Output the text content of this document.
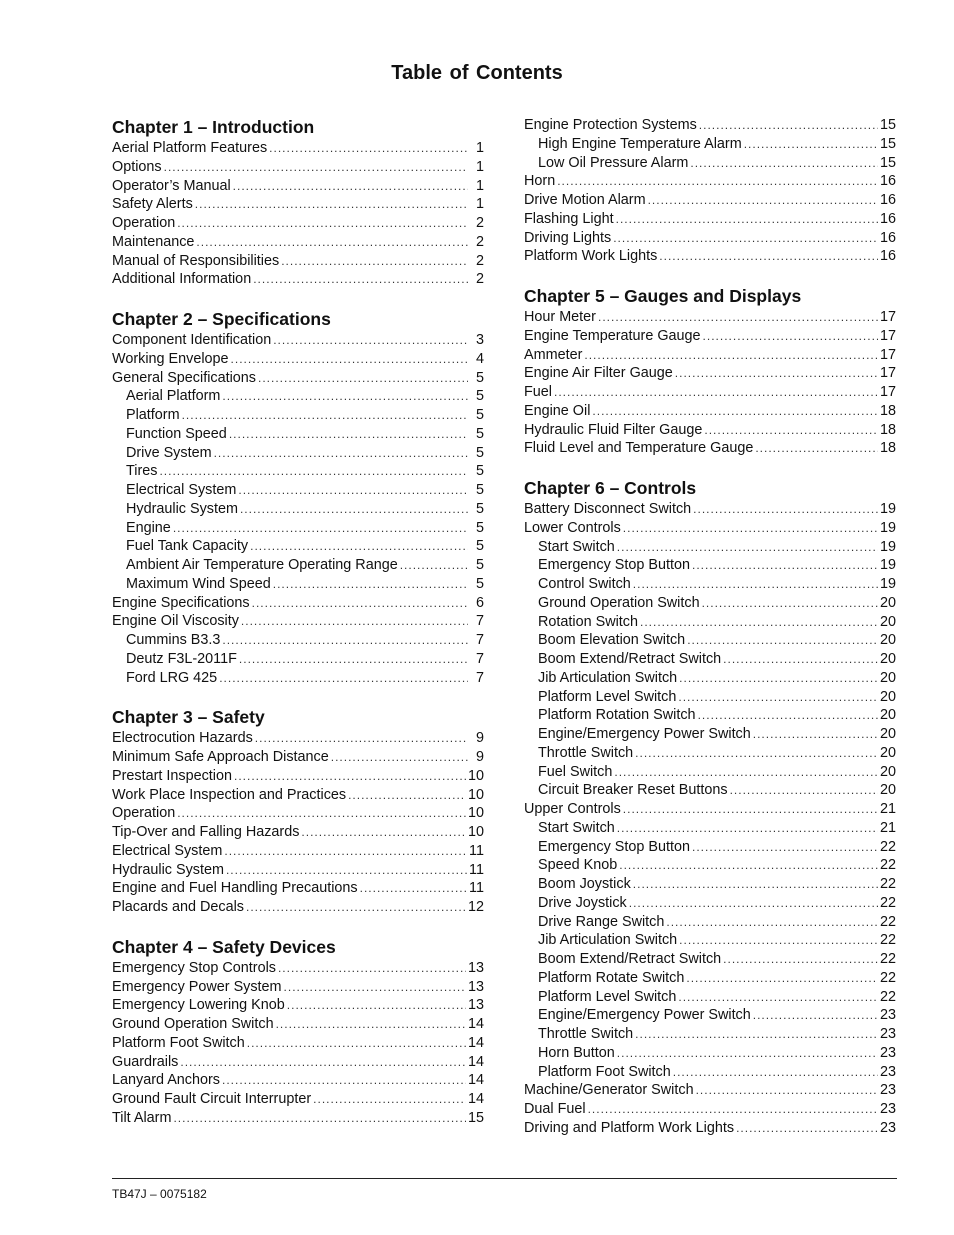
Table of Contents
Chapter 1 – Introduction
Aerial Platform Features .....	1
Options .....	1
Operator’s Manual .....	1
Safety Alerts .....	1
Operation .....	2
Maintenance .....	2
Manual of Responsibilities .....	2
Additional Information .....	2
Chapter 2 – Specifications
Component Identification .....	3
Working Envelope .....	4
General Specifications .....	5
Aerial Platform .....	5
Platform .....	5
Function Speed .....	5
Drive System .....	5
Tires .....	5
Electrical System .....	5
Hydraulic System .....	5
Engine .....	5
Fuel Tank Capacity .....	5
Ambient Air Temperature Operating Range .....	5
Maximum Wind Speed .....	5
Engine Specifications .....	6
Engine Oil Viscosity .....	7
Cummins B3.3 .....	7
Deutz F3L-2011F .....	7
Ford LRG 425 .....	7
Chapter 3 – Safety
Electrocution Hazards .....	9
Minimum Safe Approach Distance .....	9
Prestart Inspection .....	10
Work Place Inspection and Practices .....	10
Operation .....	10
Tip-Over and Falling Hazards .....	10
Electrical System .....	11
Hydraulic System .....	11
Engine and Fuel Handling Precautions .....	11
Placards and Decals .....	12
Chapter 4 – Safety Devices
Emergency Stop Controls .....	13
Emergency Power System .....	13
Emergency Lowering Knob .....	13
Ground Operation Switch .....	14
Platform Foot Switch .....	14
Guardrails .....	14
Lanyard Anchors .....	14
Ground Fault Circuit Interrupter .....	14
Tilt Alarm .....	15
Engine Protection Systems .....	15
High Engine Temperature Alarm .....	15
Low Oil Pressure Alarm .....	15
Horn .....	16
Drive Motion Alarm .....	16
Flashing Light .....	16
Driving Lights .....	16
Platform Work Lights .....	16
Chapter 5 – Gauges and Displays
Hour Meter .....	17
Engine Temperature Gauge .....	17
Ammeter .....	17
Engine Air Filter Gauge .....	17
Fuel .....	17
Engine Oil .....	18
Hydraulic Fluid Filter Gauge .....	18
Fluid Level and Temperature Gauge .....	18
Chapter 6 – Controls
Battery Disconnect Switch .....	19
Lower Controls .....	19
Start Switch .....	19
Emergency Stop Button .....	19
Control Switch .....	19
Ground Operation Switch .....	20
Rotation Switch .....	20
Boom Elevation Switch .....	20
Boom Extend/Retract Switch .....	20
Jib Articulation Switch .....	20
Platform Level Switch .....	20
Platform Rotation Switch .....	20
Engine/Emergency Power Switch .....	20
Throttle Switch .....	20
Fuel Switch .....	20
Circuit Breaker Reset Buttons .....	20
Upper Controls .....	21
Start Switch .....	21
Emergency Stop Button .....	22
Speed Knob .....	22
Boom Joystick .....	22
Drive Joystick .....	22
Drive Range Switch .....	22
Jib Articulation Switch .....	22
Boom Extend/Retract Switch .....	22
Platform Rotate Switch .....	22
Platform Level Switch .....	22
Engine/Emergency Power Switch .....	23
Throttle Switch .....	23
Horn Button .....	23
Platform Foot Switch .....	23
Machine/Generator Switch .....	23
Dual Fuel .....	23
Driving and Platform Work Lights .....	23
TB47J – 0075182
